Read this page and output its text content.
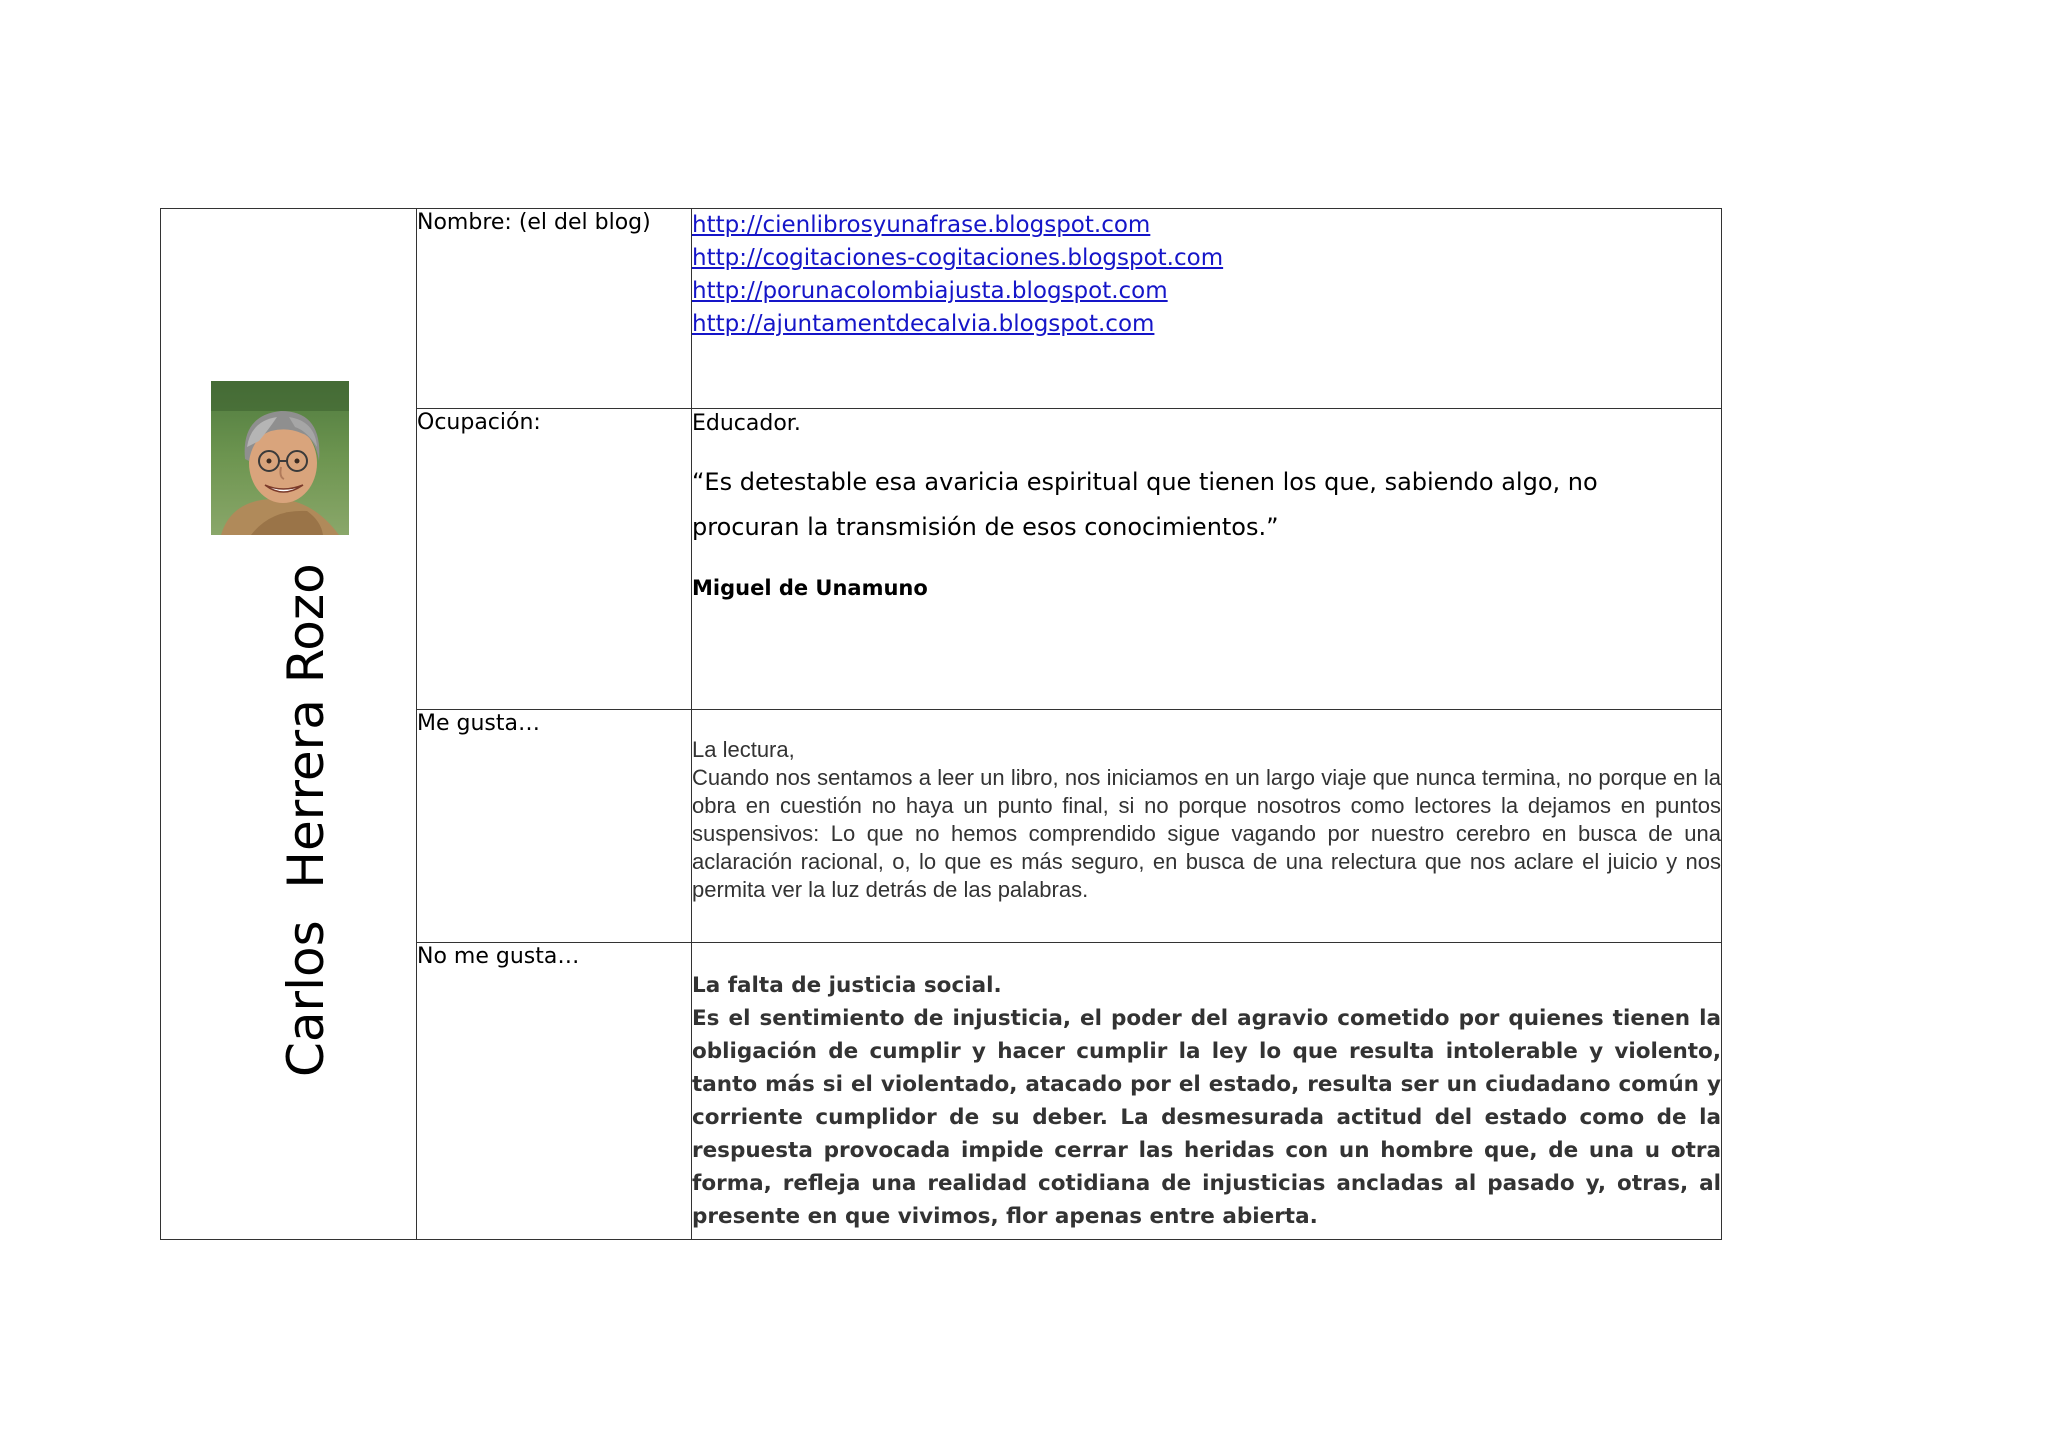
Carlos  Herrera Rozo	Nombre: (el del blog)	http://cienlibrosyunafrase.blogspot.com
http://cogitaciones-cogitaciones.blogspot.com
http://porunacolombiajusta.blogspot.com
http://ajuntamentdecalvia.blogspot.com

	Ocupación:	Educador.
“Es detestable esa avaricia espiritual que tienen los que, sabiendo algo, no procuran la transmisión de esos conocimientos.”
Miguel de Unamuno

	Me gusta…	La lectura,
Cuando nos sentamos a leer un libro, nos iniciamos en un largo viaje que nunca termina, no porque en la obra en cuestión no haya un punto final, si no porque nosotros como lectores la dejamos en puntos suspensivos: Lo que no hemos comprendido sigue vagando por nuestro cerebro en busca de una aclaración racional, o, lo que es más seguro, en busca de una relectura que nos aclare el juicio y nos permita ver la luz detrás de las palabras.

	No me gusta…	La falta de justicia social.
Es el sentimiento de injusticia, el poder del agravio cometido por quienes tienen la obligación de cumplir y hacer cumplir la ley lo que resulta intolerable y violento, tanto más si el violentado, atacado por el estado, resulta ser un ciudadano común y corriente cumplidor de su deber. La desmesurada actitud del estado como de la respuesta provocada impide cerrar las heridas con un hombre que, de una u otra forma, refleja una realidad cotidiana de injusticias ancladas al pasado y, otras, al presente en que vivimos, flor apenas entre abierta.
